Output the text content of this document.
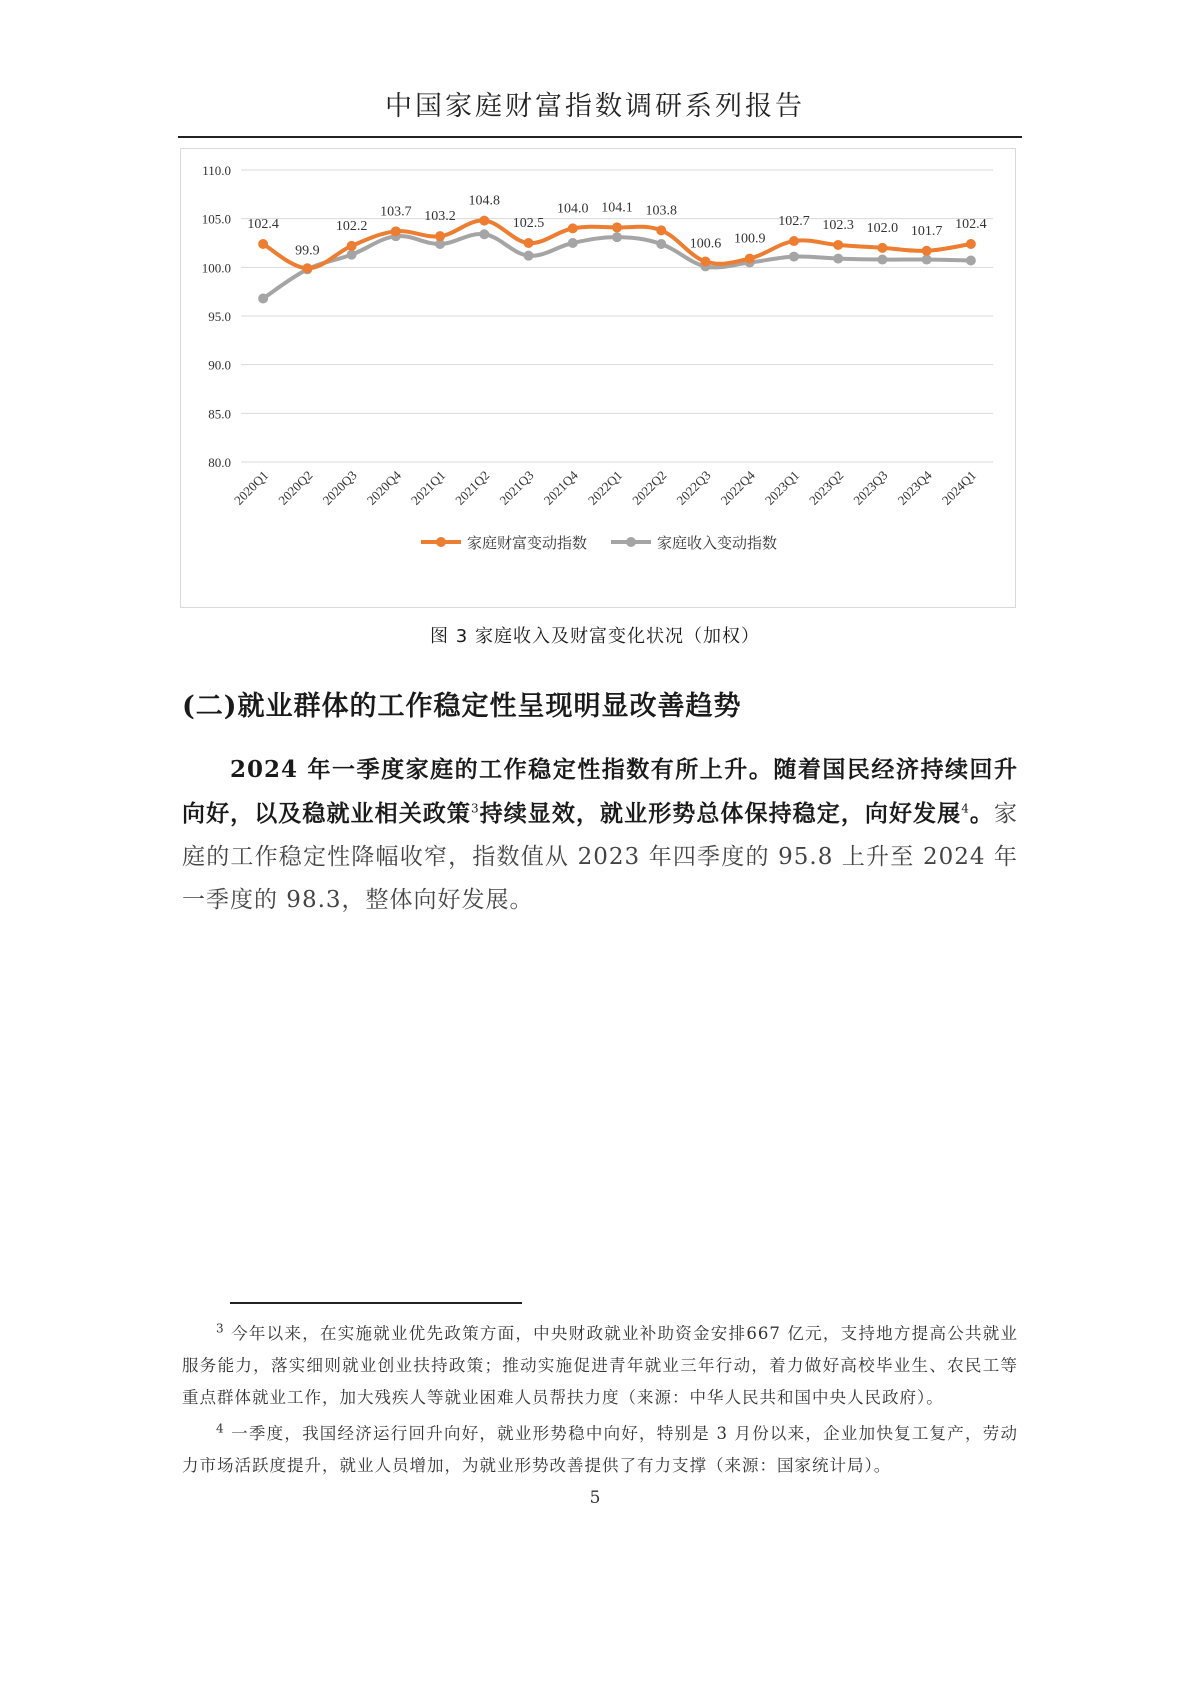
中国家庭财富指数调研系列报告
110.0
105.0
100.0
95.0
90.0
85.0
80.0
2020Q1 2020Q2 2020Q3 2020Q4 2021Q1 2021Q2 2021Q3 2021Q4 2022Q1 2022Q2 2022Q3 2022Q4 2023Q1 2023Q2 2023Q3 2023Q4 2024Q1
102.4
99.9
102.2
103.7 103.2
104.8
102.5
104.0 104.1 103.8
100.6 100.9
102.7 102.3 102.0 101.7 102.4
家庭财富变动指数	家庭收入变动指数
图 3 家庭收入及财富变化状况（加权）
(二)就业群体的工作稳定性呈现明显改善趋势
2024 年一季度家庭的工作稳定性指数有所上升。随着国民经济持续回升向好，以及稳就业相关政策$^3$持续显效，就业形势总体保持稳定，向好发展$^4$。家庭的工作稳定性降幅收窄，指数值从 2023 年四季度的 95.8 上升至 2024 年一季度的 98.3，整体向好发展。
$^3$ 今年以来，在实施就业优先政策方面，中央财政就业补助资金安排667 亿元，支持地方提高公共就业服务能力，落实细则就业创业扶持政策；推动实施促进青年就业三年行动，着力做好高校毕业生、农民工等重点群体就业工作，加大残疾人等就业困难人员帮扶力度（来源：中华人民共和国中央人民政府）。
$^4$ 一季度，我国经济运行回升向好，就业形势稳中向好，特别是 3 月份以来，企业加快复工复产，劳动力市场活跃度提升，就业人员增加，为就业形势改善提供了有力支撑（来源：国家统计局）。
5
